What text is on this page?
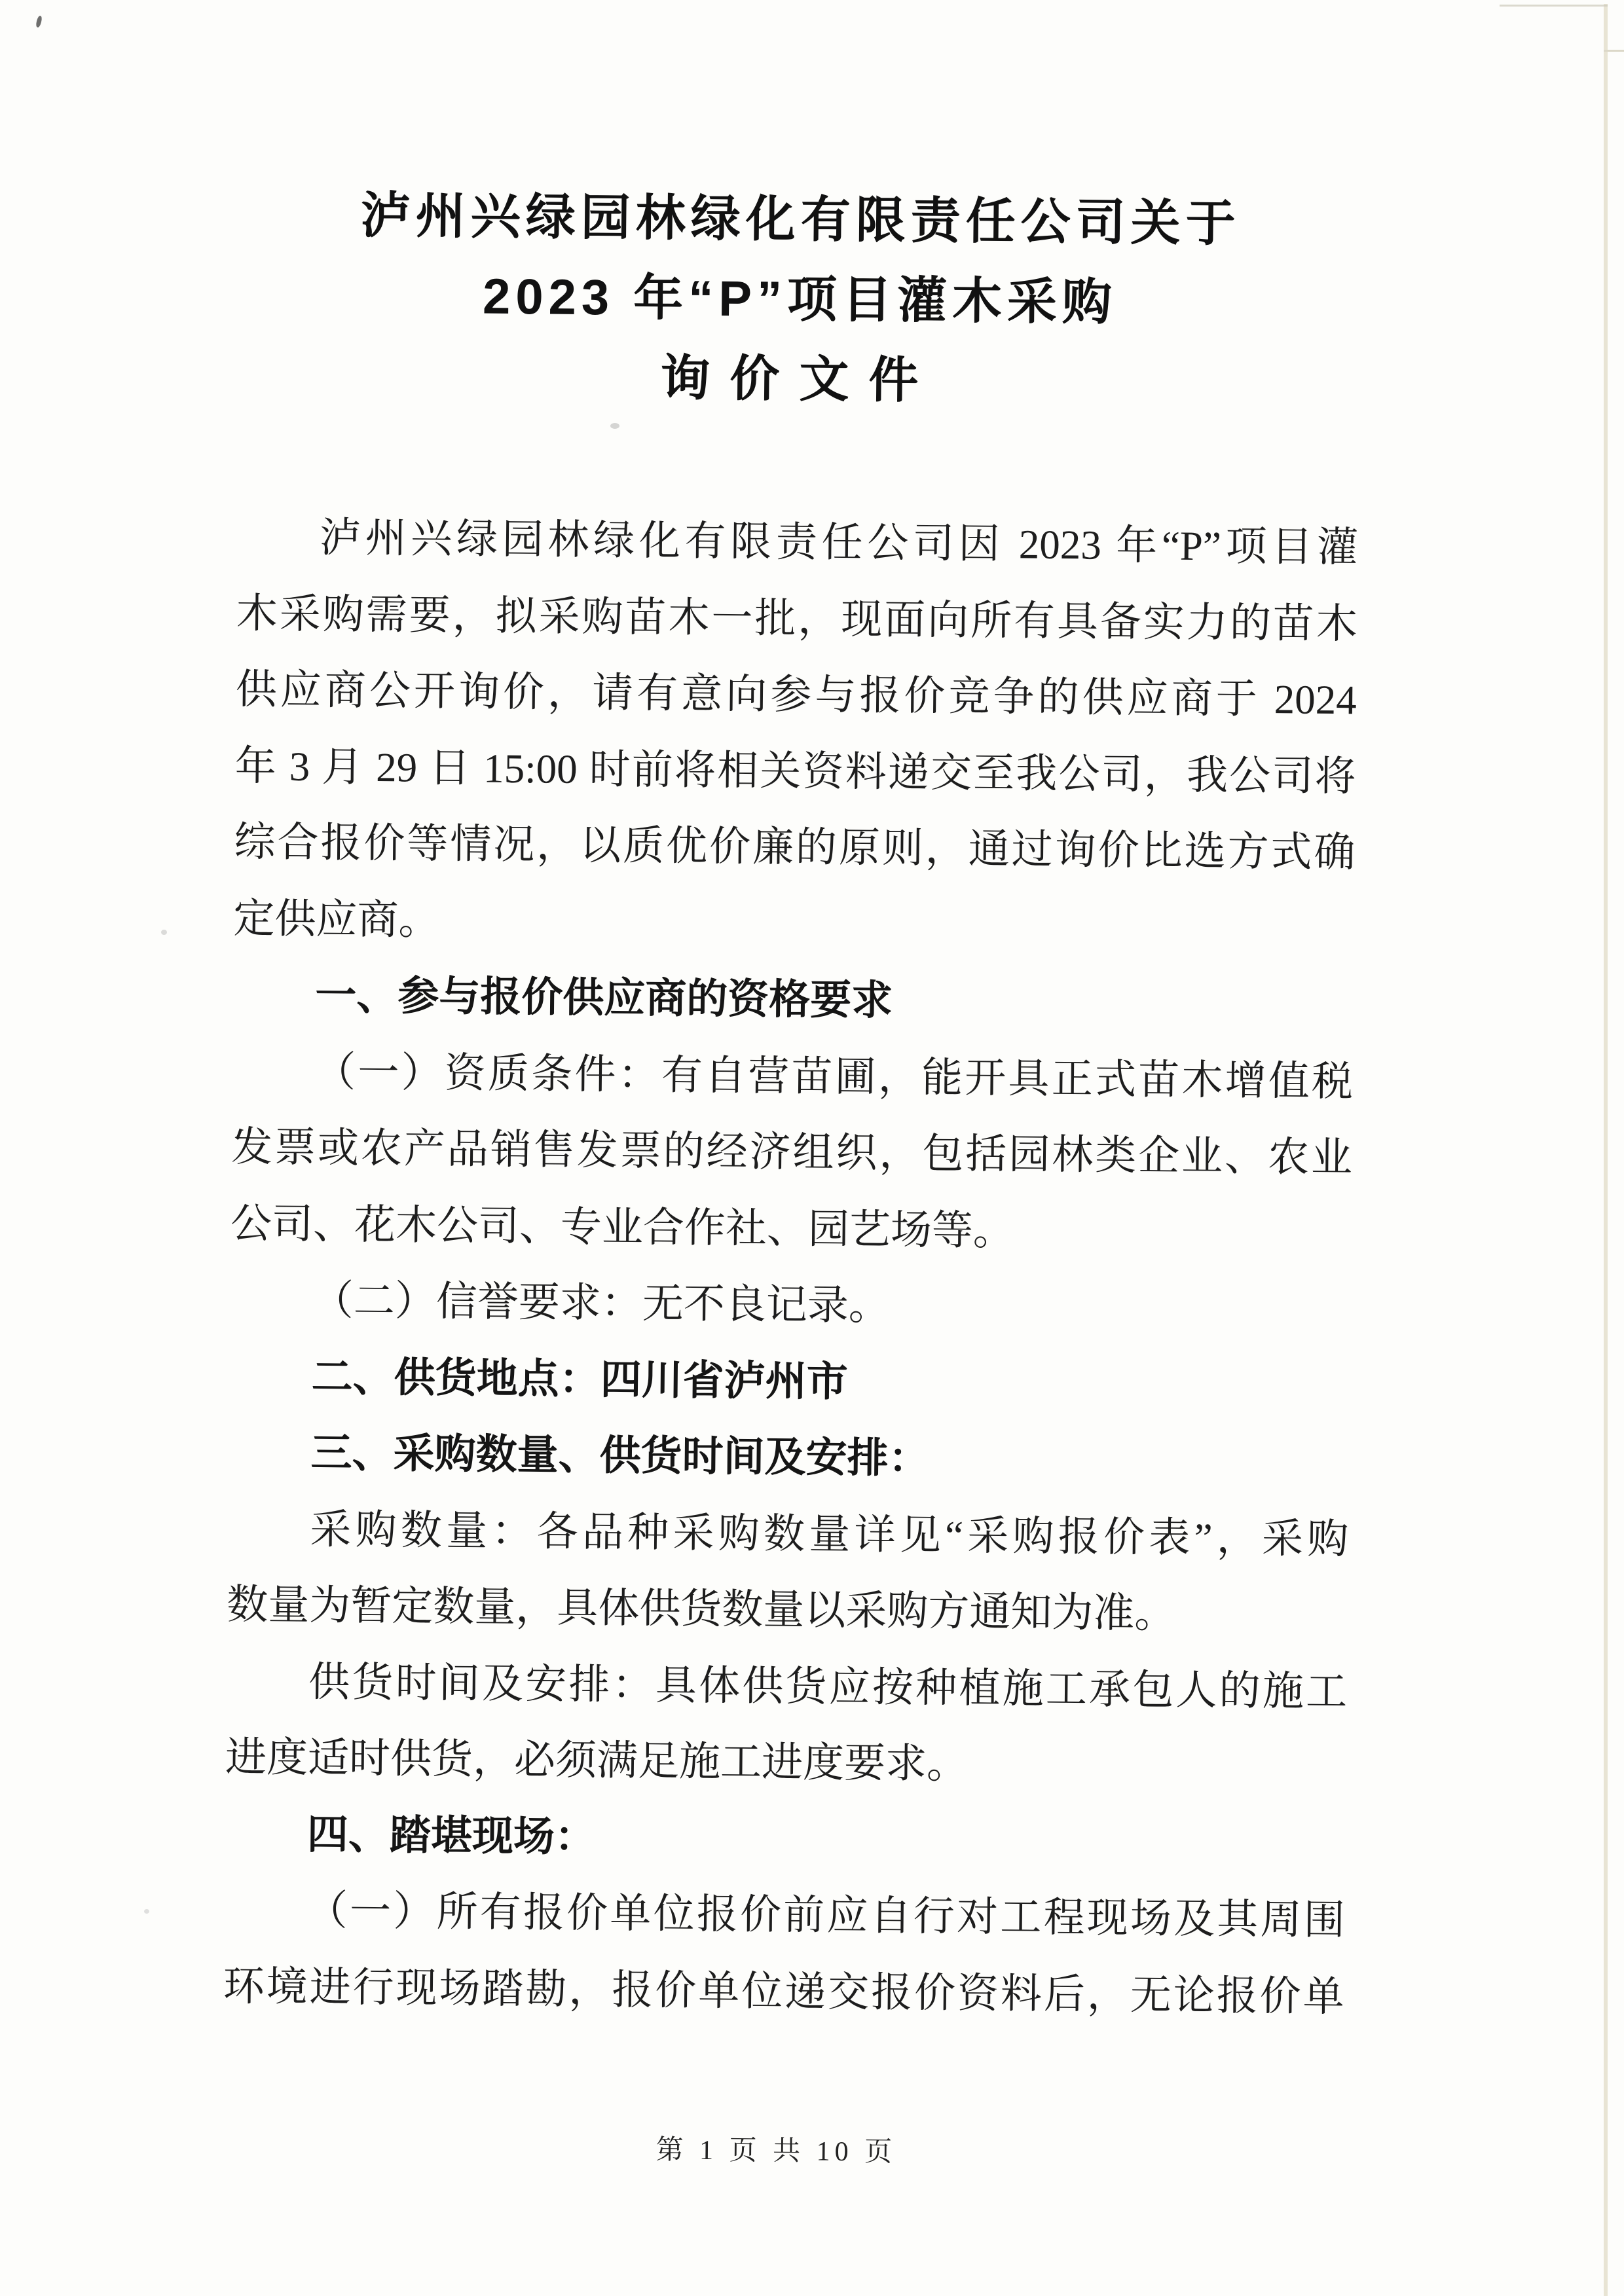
泸州兴绿园林绿化有限责任公司关于
2023 年“P”项目灌木采购
询价文件
泸州兴绿园林绿化有限责任公司因 2023 年“P”项目灌
木采购需要，拟采购苗木一批，现面向所有具备实力的苗木
供应商公开询价，请有意向参与报价竞争的供应商于 2024
年 3 月 29 日 15:00 时前将相关资料递交至我公司，我公司将
综合报价等情况，以质优价廉的原则，通过询价比选方式确
定供应商。
一、参与报价供应商的资格要求
（一）资质条件：有自营苗圃，能开具正式苗木增值税
发票或农产品销售发票的经济组织，包括园林类企业、农业
公司、花木公司、专业合作社、园艺场等。
（二）信誉要求：无不良记录。
二、供货地点：四川省泸州市
三、采购数量、供货时间及安排：
采购数量：各品种采购数量详见“采购报价表”，采购
数量为暂定数量，具体供货数量以采购方通知为准。
供货时间及安排：具体供货应按种植施工承包人的施工
进度适时供货，必须满足施工进度要求。
四、踏堪现场：
（一）所有报价单位报价前应自行对工程现场及其周围
环境进行现场踏勘，报价单位递交报价资料后，无论报价单
第 1 页 共 10 页
